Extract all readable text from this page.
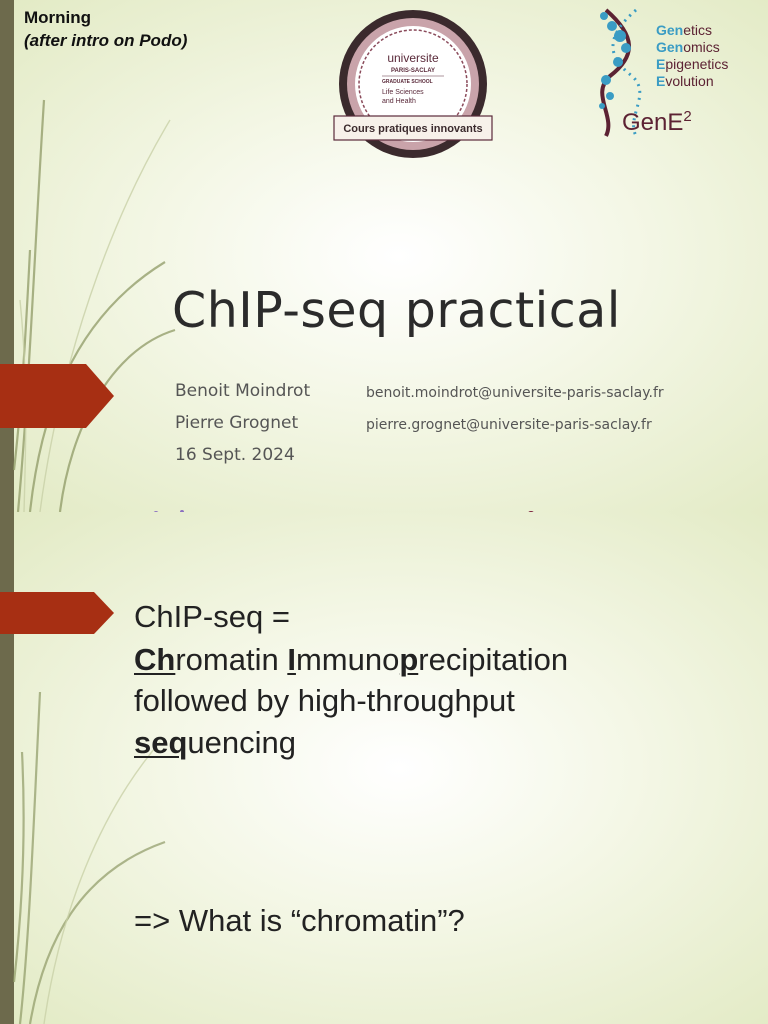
Morning
(after intro on Podo)
universite
PARIS-SACLAY
GRADUATE SCHOOL
Life Sciences
and Health
Cours pratiques innovants
Genetics
Genomics
Epigenetics
Evolution
GenE$^2$
ChIP-seq practical
Benoit Moindrot	benoit.moindrot@universite-paris-saclay.fr
Pierre Grognet	pierre.grognet@universite-paris-saclay.fr
16 Sept. 2024
ChIP-seq =
Chromatin Immunoprecipitation
followed by high-throughput
sequencing
=> What is “chromatin”?
